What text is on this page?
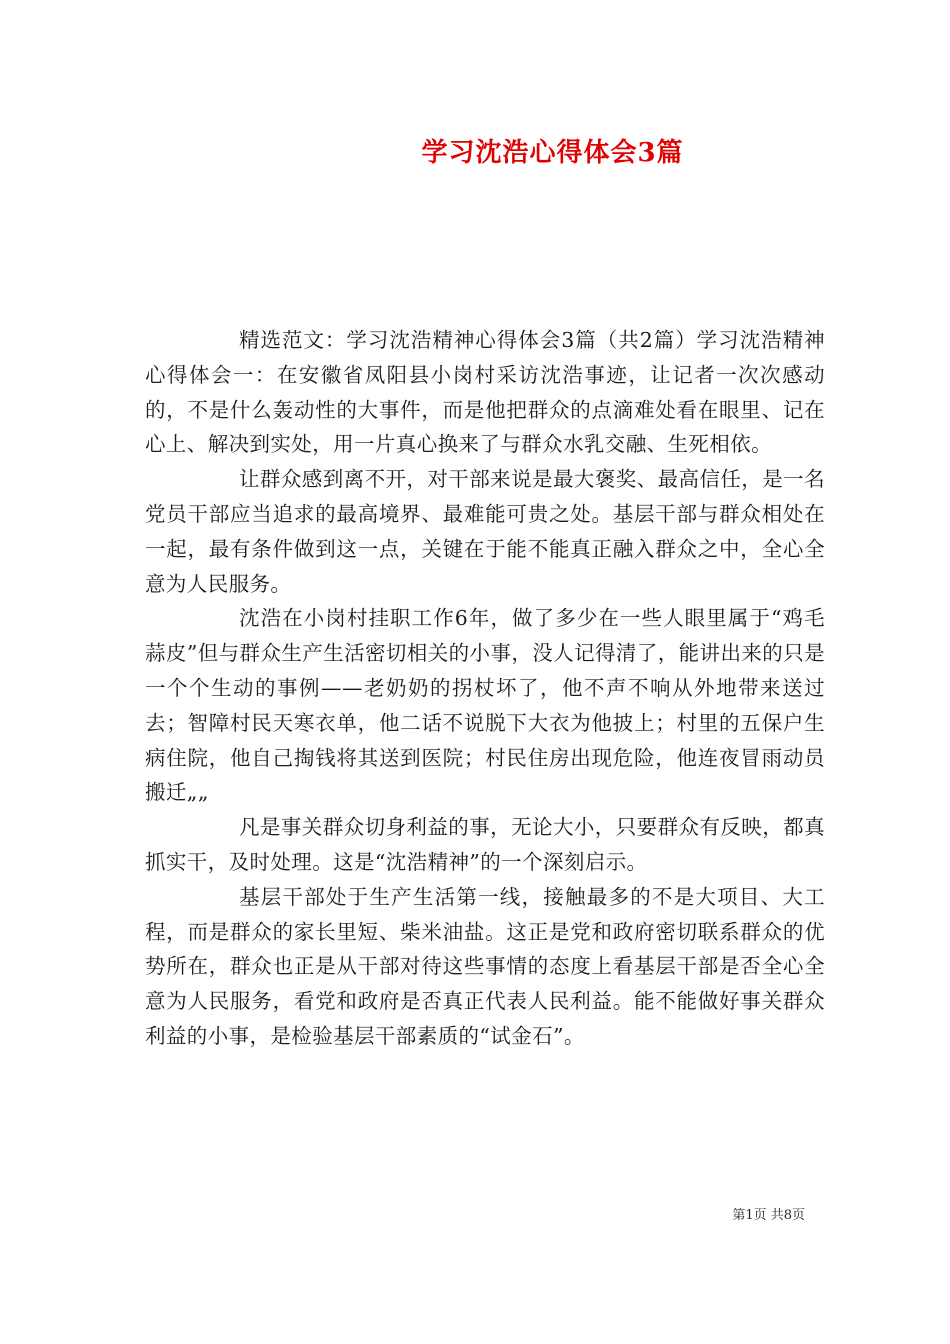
学习沈浩心得体会3篇

精选范文：学习沈浩精神心得体会3篇（共2篇）学习沈浩精神心得体会一：在安徽省凤阳县小岗村采访沈浩事迹，让记者一次次感动的，不是什么轰动性的大事件，而是他把群众的点滴难处看在眼里、记在心上、解决到实处，用一片真心换来了与群众水乳交融、生死相依。

让群众感到离不开，对干部来说是最大褒奖、最高信任，是一名党员干部应当追求的最高境界、最难能可贵之处。基层干部与群众相处在一起，最有条件做到这一点，关键在于能不能真正融入群众之中，全心全意为人民服务。

沈浩在小岗村挂职工作6年，做了多少在一些人眼里属于“鸡毛蒜皮”但与群众生产生活密切相关的小事，没人记得清了，能讲出来的只是一个个生动的事例——老奶奶的拐杖坏了，他不声不响从外地带来送过去；智障村民天寒衣单，他二话不说脱下大衣为他披上；村里的五保户生病住院，他自己掏钱将其送到医院；村民住房出现危险，他连夜冒雨动员搬迁„„

凡是事关群众切身利益的事，无论大小，只要群众有反映，都真抓实干，及时处理。这是“沈浩精神”的一个深刻启示。

基层干部处于生产生活第一线，接触最多的不是大项目、大工程，而是群众的家长里短、柴米油盐。这正是党和政府密切联系群众的优势所在，群众也正是从干部对待这些事情的态度上看基层干部是否全心全意为人民服务，看党和政府是否真正代表人民利益。能不能做好事关群众利益的小事，是检验基层干部素质的“试金石”。

第1页 共8页
